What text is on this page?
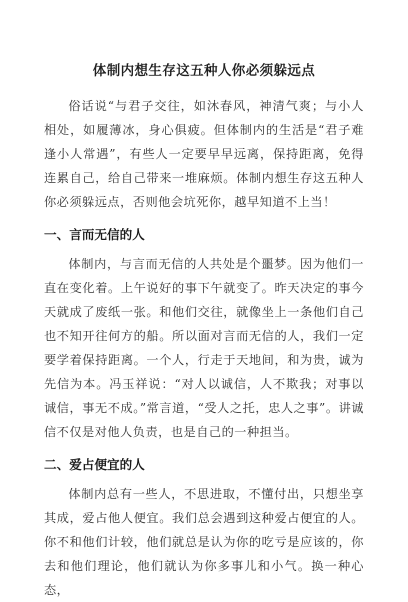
体制内想生存这五种人你必须躲远点

俗话说“与君子交往，如沐春风，神清气爽；与小人相处，如履薄冰，身心俱疲。但体制内的生活是“君子难逢小人常遇”，有些人一定要早早远离，保持距离，免得连累自己，给自己带来一堆麻烦。体制内想生存这五种人你必须躲远点，否则他会坑死你，越早知道不上当！

一、言而无信的人

体制内，与言而无信的人共处是个噩梦。因为他们一直在变化着。上午说好的事下午就变了。昨天决定的事今天就成了废纸一张。和他们交往，就像坐上一条他们自己也不知开往何方的船。所以面对言而无信的人，我们一定要学着保持距离。一个人，行走于天地间，和为贵，诚为先信为本。冯玉祥说：“对人以诚信，人不欺我；对事以诚信，事无不成。”常言道，“受人之托，忠人之事”。讲诚信不仅是对他人负责，也是自己的一种担当。

二、爱占便宜的人

体制内总有一些人，不思进取，不懂付出，只想坐享其成，爱占他人便宜。我们总会遇到这种爱占便宜的人。你不和他们计较，他们就总是认为你的吃亏是应该的，你去和他们理论，他们就认为你多事儿和小气。换一种心态，
